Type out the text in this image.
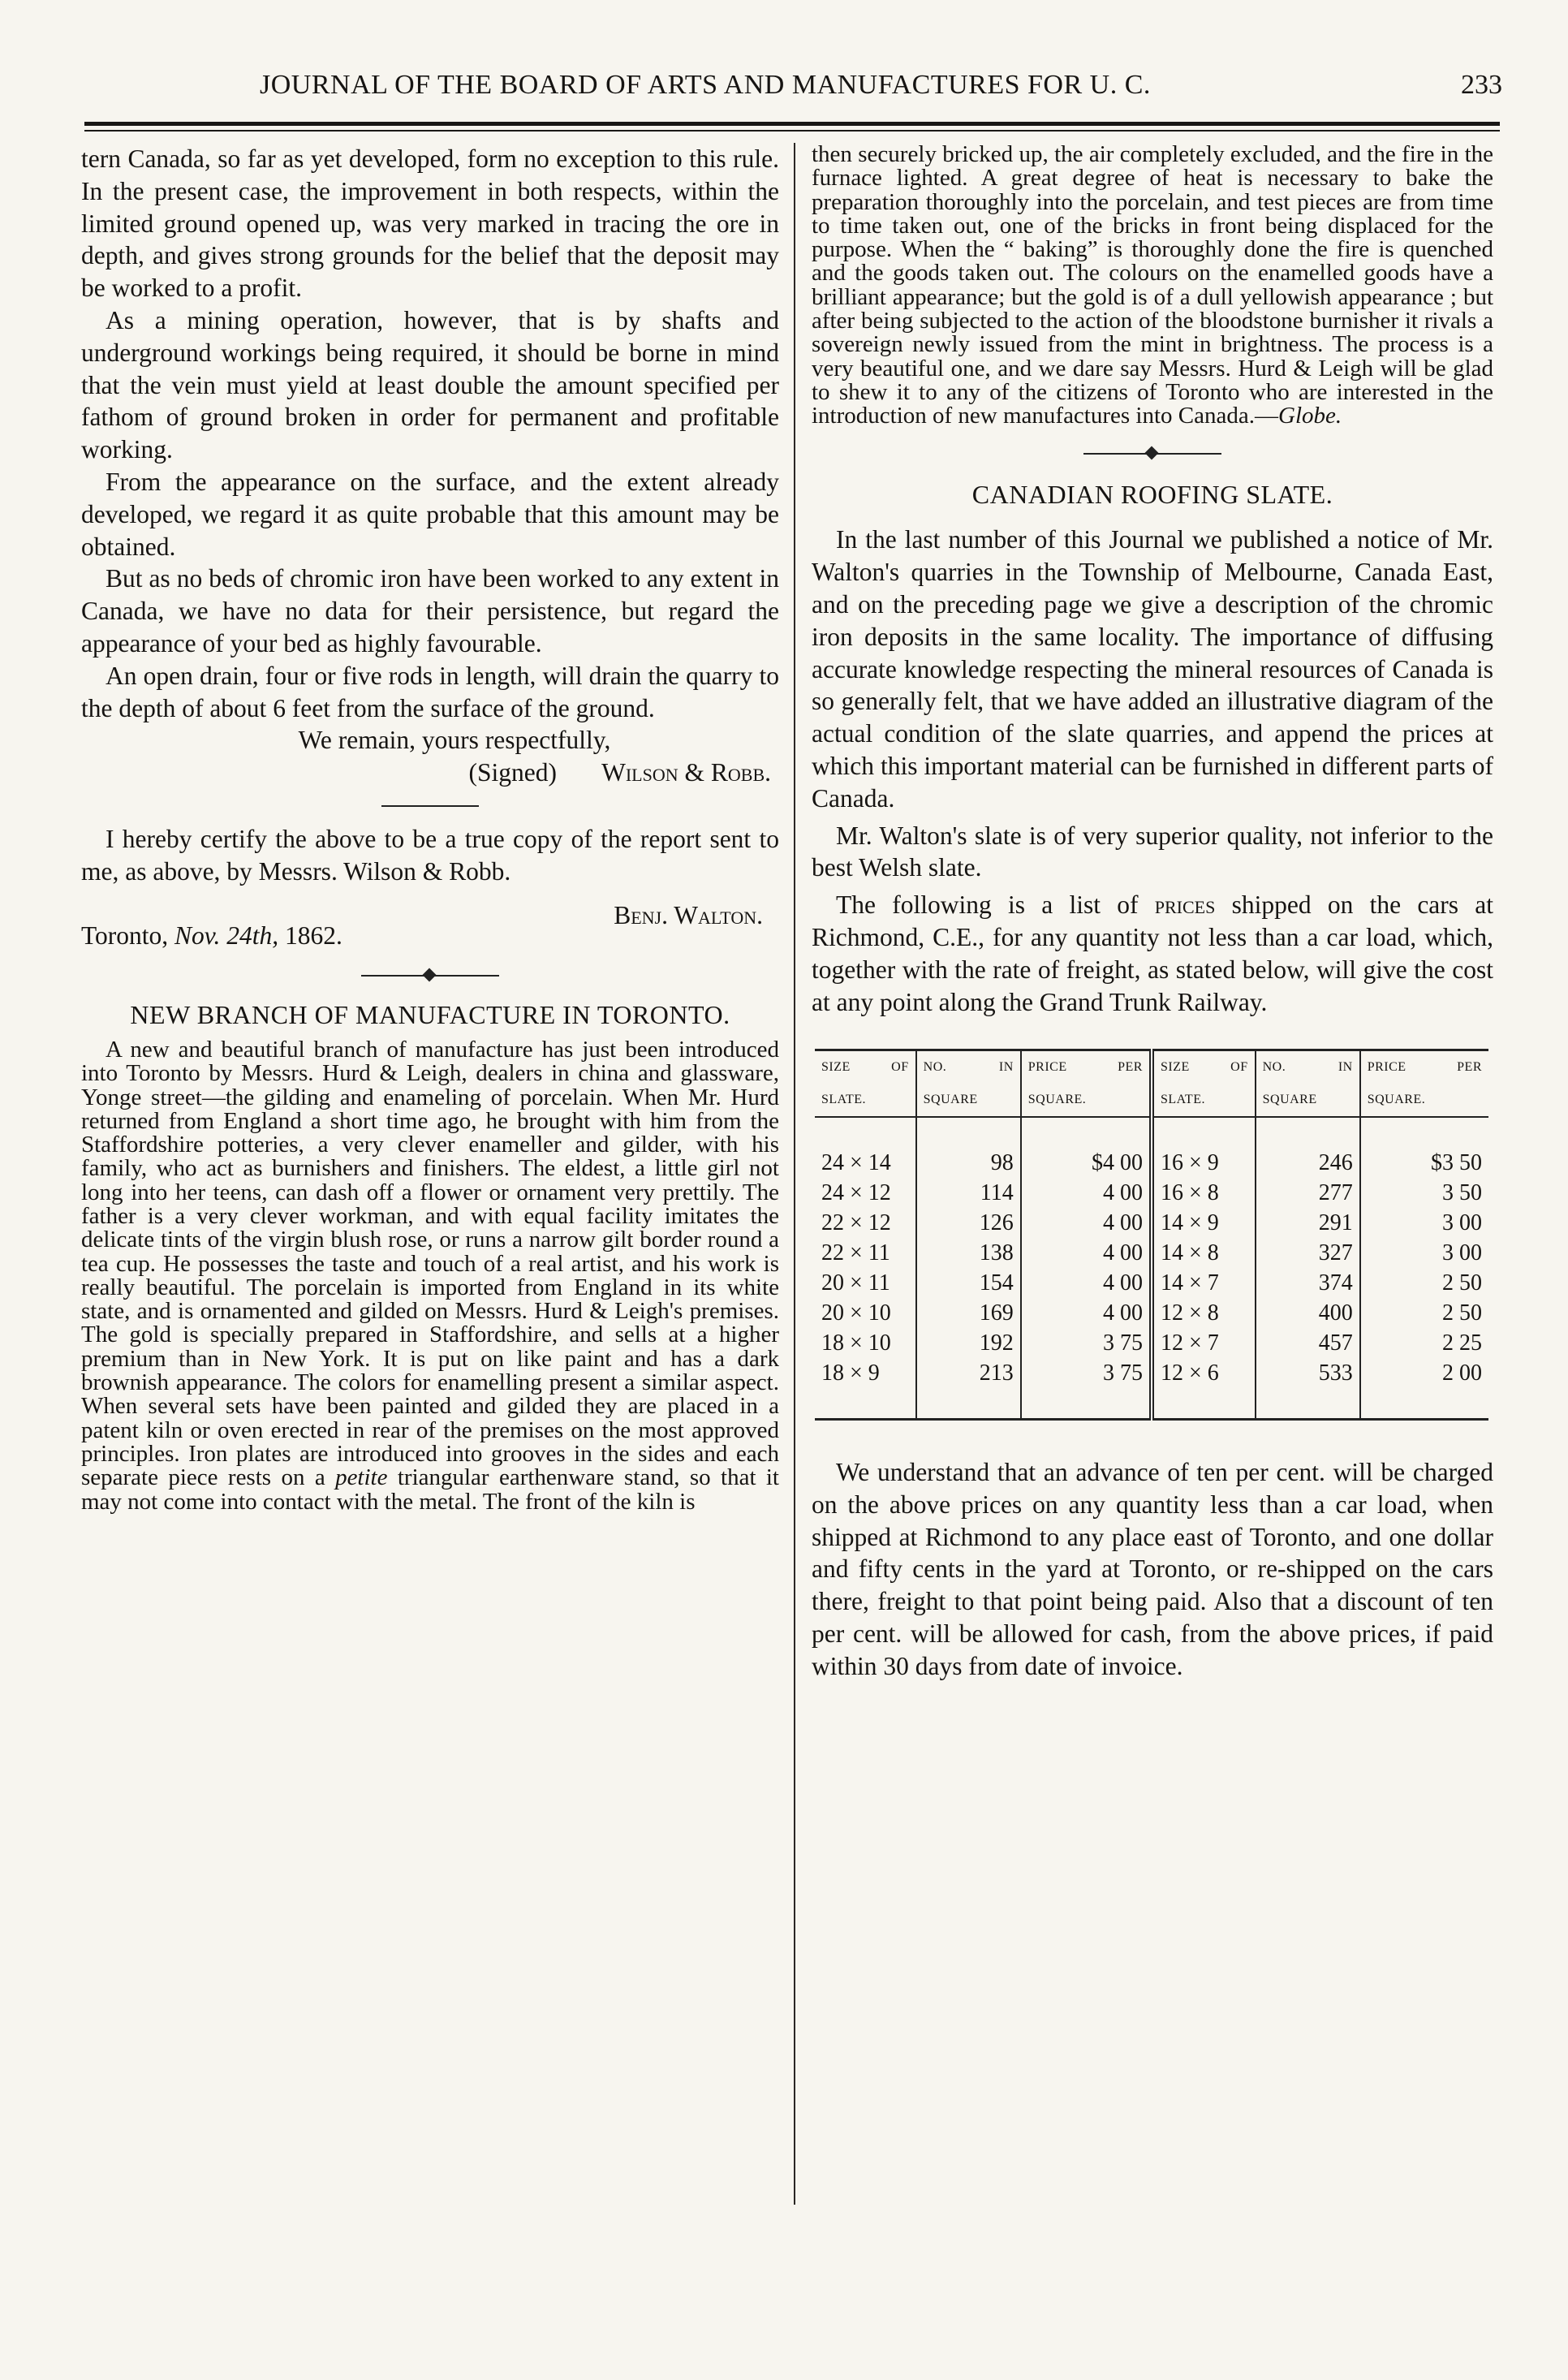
JOURNAL OF THE BOARD OF ARTS AND MANUFACTURES FOR U. C.	233

tern Canada, so far as yet developed, form no exception to this rule. In the present case, the improvement in both respects, within the limited ground opened up, was very marked in tracing the ore in depth, and gives strong grounds for the belief that the deposit may be worked to a profit.

As a mining operation, however, that is by shafts and underground workings being required, it should be borne in mind that the vein must yield at least double the amount specified per fathom of ground broken in order for permanent and profitable working.

From the appearance on the surface, and the extent already developed, we regard it as quite probable that this amount may be obtained.

But as no beds of chromic iron have been worked to any extent in Canada, we have no data for their persistence, but regard the appearance of your bed as highly favourable.

An open drain, four or five rods in length, will drain the quarry to the depth of about 6 feet from the surface of the ground.

We remain, yours respectfully,

(Signed) Wilson & Robb.

I hereby certify the above to be a true copy of the report sent to me, as above, by Messrs. Wilson & Robb.

Benj. Walton.

Toronto, Nov. 24th, 1862.

NEW BRANCH OF MANUFACTURE IN TORONTO.

A new and beautiful branch of manufacture has just been introduced into Toronto by Messrs. Hurd & Leigh, dealers in china and glassware, Yonge street—the gilding and enameling of porcelain. When Mr. Hurd returned from England a short time ago, he brought with him from the Staffordshire potteries, a very clever enameller and gilder, with his family, who act as burnishers and finishers. The eldest, a little girl not long into her teens, can dash off a flower or ornament very prettily. The father is a very clever workman, and with equal facility imitates the delicate tints of the virgin blush rose, or runs a narrow gilt border round a tea cup. He possesses the taste and touch of a real artist, and his work is really beautiful. The porcelain is imported from England in its white state, and is ornamented and gilded on Messrs. Hurd & Leigh's premises. The gold is specially prepared in Staffordshire, and sells at a higher premium than in New York. It is put on like paint and has a dark brownish appearance. The colors for enamelling present a similar aspect. When several sets have been painted and gilded they are placed in a patent kiln or oven erected in rear of the premises on the most approved principles. Iron plates are introduced into grooves in the sides and each separate piece rests on a petite triangular earthenware stand, so that it may not come into contact with the metal. The front of the kiln is

then securely bricked up, the air completely excluded, and the fire in the furnace lighted. A great degree of heat is necessary to bake the preparation thoroughly into the porcelain, and test pieces are from time to time taken out, one of the bricks in front being displaced for the purpose. When the “ baking” is thoroughly done the fire is quenched and the goods taken out. The colours on the enamelled goods have a brilliant appearance; but the gold is of a dull yellowish appearance ; but after being subjected to the action of the bloodstone burnisher it rivals a sovereign newly issued from the mint in brightness. The process is a very beautiful one, and we dare say Messrs. Hurd & Leigh will be glad to shew it to any of the citizens of Toronto who are interested in the introduction of new manufactures into Canada.—Globe.

CANADIAN ROOFING SLATE.

In the last number of this Journal we published a notice of Mr. Walton's quarries in the Township of Melbourne, Canada East, and on the preceding page we give a description of the chromic iron deposits in the same locality. The importance of diffusing accurate knowledge respecting the mineral resources of Canada is so generally felt, that we have added an illustrative diagram of the actual condition of the slate quarries, and append the prices at which this important material can be furnished in different parts of Canada.

Mr. Walton's slate is of very superior quality, not inferior to the best Welsh slate.

The following is a list of prices shipped on the cars at Richmond, C.E., for any quantity not less than a car load, which, together with the rate of freight, as stated below, will give the cost at any point along the Grand Trunk Railway.

SIZE OF SLATE.	NO. IN SQUARE	PRICE PER SQUARE.	SIZE OF SLATE.	NO. IN SQUARE	PRICE PER SQUARE.

24 × 14	98	$4 00	16 × 9	246	$3 50
24 × 12	114	4 00	16 × 8	277	3 50
22 × 12	126	4 00	14 × 9	291	3 00
22 × 11	138	4 00	14 × 8	327	3 00
20 × 11	154	4 00	14 × 7	374	2 50
20 × 10	169	4 00	12 × 8	400	2 50
18 × 10	192	3 75	12 × 7	457	2 25
18 × 9	213	3 75	12 × 6	533	2 00

We understand that an advance of ten per cent. will be charged on the above prices on any quantity less than a car load, when shipped at Richmond to any place east of Toronto, and one dollar and fifty cents in the yard at Toronto, or re-shipped on the cars there, freight to that point being paid. Also that a discount of ten per cent. will be allowed for cash, from the above prices, if paid within 30 days from date of invoice.
